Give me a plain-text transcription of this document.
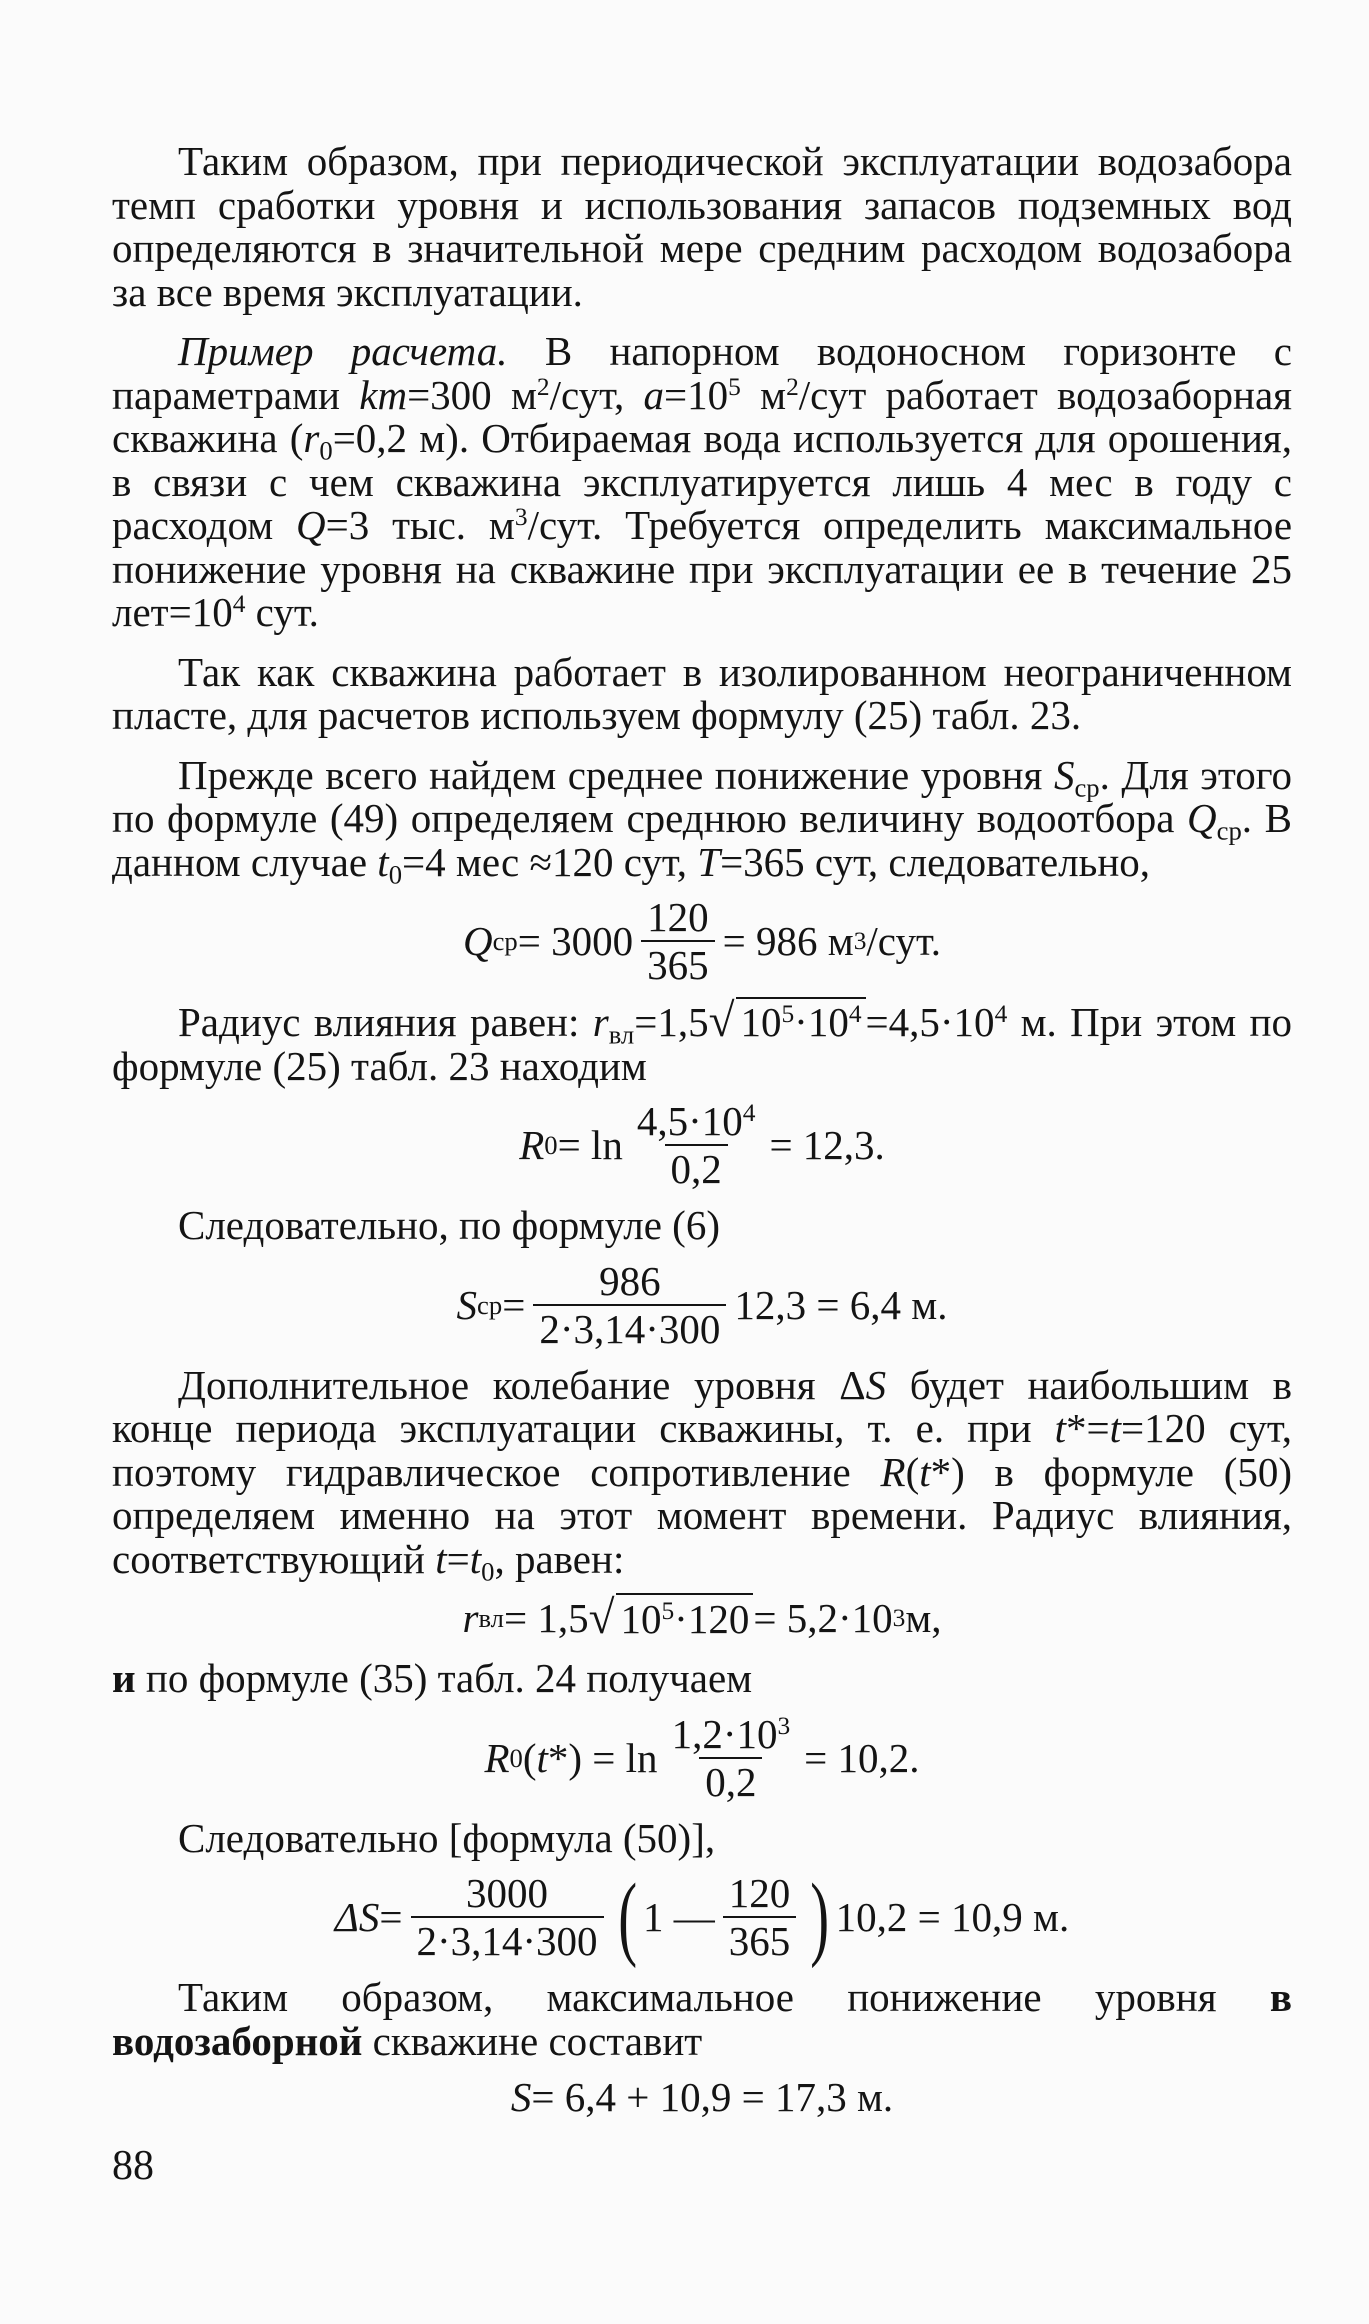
Таким образом, при периодической эксплуатации водозабора темп сработки уровня и использования запасов подземных вод определяются в значительной мере средним расходом водозабора за все время эксплуатации.

Пример расчета. В напорном водоносном горизонте с параметрами km=300 $м^2$/сут, $a=10^5$ $м^2$/сут работает водозаборная скважина ($r_0=0,2$ м). Отбираемая вода используется для орошения, в связи с чем скважина эксплуатируется лишь 4 мес в году с расходом Q=3 тыс. $м^3$/сут. Требуется определить максимальное понижение уровня на скважине при эксплуатации ее в течение 25 $лет=10^4$ сут.

Так как скважина работает в изолированном неограниченном пласте, для расчетов используем формулу (25) табл. 23.

Прежде всего найдем среднее понижение уровня $S_{ср}$. Для этого по формуле (49) определяем среднюю величину водоотбора $Q_{ср}$. В данном случае $t_0=4$ мес ≈120 сут, T=365 сут, следовательно,

Q ср = $3000 \frac{120}{365} = 986$ м 3 /сут.

Радиус влияния равен: $r_{вл}=1,5√$ $10^5\cdot 10^4=4,5\cdot 10^4$ м. При этом по формуле (25) табл. 23 находим

R $0 = \ln \frac{4,5\cdot 10^4}{0,2} = 12,3$.

Следовательно, по формуле (6)

S ср = $\frac{986}{2\cdot 3,14\cdot 300} 12,3 = 6,4$ м.

Дополнительное колебание уровня ΔS будет наибольшим в конце периода эксплуатации скважины, т. е. при t*=t=120 сут, поэтому гидравлическое сопротивление R(t*) в формуле (50) определяем именно на этот момент времени. Радиус влияния, соответствующий $t=t_0$, равен:

r вл = 1,5 √ $10^5\cdot 120 = 5,2\cdot 10$ 3 м,

и по формуле (35) табл. 24 получаем

R 0 ( t *) = $\ln \frac{1,2\cdot 10^3}{0,2} = 10,2$.

Следовательно [формула (50)],

$\Delta S = \frac{3000}{2\cdot 3,14\cdot 300}$ ( 1 — $\frac{120}{365}$ ) 10,2 = 10,9 м.

Таким образом, максимальное понижение уровня в водозаборной скважине составит

S = 6,4 + 10,9 = 17,3 м.
88
